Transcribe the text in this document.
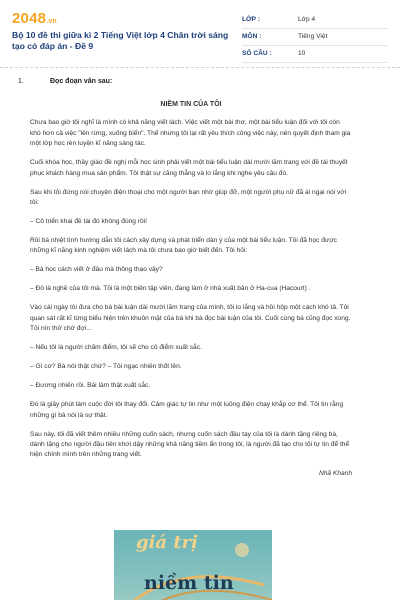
2048.vn
Bộ 10 đề thi giữa kì 2 Tiếng Việt lớp 4 Chân trời sáng tạo có đáp án - Đề 9
LỚP :	Lớp 4
MÔN :	Tiếng Việt
SỐ CÂU :	10
1.	Đọc đoạn văn sau:
NIỀM TIN CỦA TÔI

Chưa bao giờ tôi nghĩ là mình có khả năng viết lách. Việc viết một bài thơ, một bài tiểu luận đối với tôi còn khó hơn cả việc "lên rừng, xuống biển". Thế nhưng tôi lại rất yêu thích công việc này, nên quyết định tham gia một lớp học rèn luyện kĩ năng sáng tác.

Cuối khóa học, thầy giáo đề nghị mỗi học sinh phải viết một bài tiểu luận dài mười lăm trang với đề tài thuyết phục khách hàng mua sản phẩm. Tôi thật sự căng thẳng và lo lắng khi nghe yêu cầu đó.

Sau khi tôi đứng nói chuyện điện thoại cho một người bạn nhờ giúp đỡ, một người phụ nữ đã ái ngại nói với tôi:

– Cô triển khai đề tài đó không đúng rồi!

Rồi bà nhiệt tình hướng dẫn tôi cách xây dựng và phát triển dàn ý của một bài tiểu luận. Tôi đã học được những kĩ năng kinh nghiệm viết lách mà tôi chưa bao giờ biết đến. Tôi hỏi:

– Bà học cách viết ở đâu mà thông thạo vậy?

– Đó là nghề của tôi mà. Tôi là một biên tập viên, đang làm ở nhà xuất bản ở Ha-cua (Hacourt) .

Vào cái ngày tôi đưa cho bà bài luận dài mười lăm trang của mình, tôi lo lắng và hồi hộp một cách khó tả. Tôi quan sát rất kĩ từng biểu hiện trên khuôn mặt của bà khi bà đọc bài luận của tôi. Cuối cùng bà cũng đọc xong. Tôi nín thở chờ đợi...

– Nếu tôi là người chấm điểm, tôi sẽ cho cô điểm xuất sắc.

– Gì cơ? Bà nói thật chứ? – Tôi ngạc nhiên thốt lên.

– Đương nhiên rồi. Bài làm thật xuất sắc.

Đó là giây phút làm cuộc đời tôi thay đổi. Cảm giác tự tin như một luồng điện chạy khắp cơ thể. Tôi tin rằng những gì bà nói là sự thật.

Sau này, tôi đã viết thêm nhiều những cuốn sách, nhưng cuốn sách đầu tay của tôi là dành tặng riêng bà, dành tặng cho người đầu tiên khơi dậy những khả năng tiềm ẩn trong tôi, là người đã tạo cho tôi tự tin để thể hiện chính mình trên những trang viết.

Nhã Khanh
giá trị
niềm tin
